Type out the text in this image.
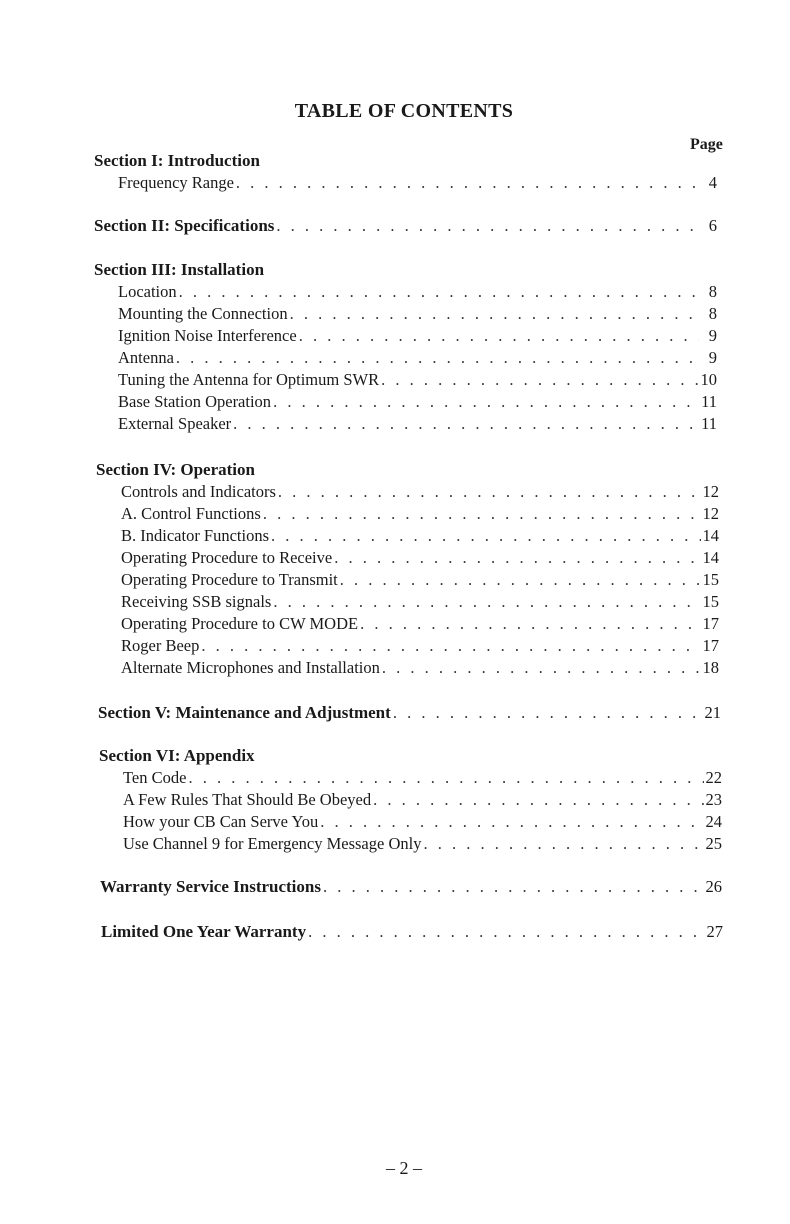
TABLE OF CONTENTS
Page
Section I: Introduction
Frequency Range . . .	4
Section II: Specifications . . .	6
Section III: Installation
Location . . .	8
Mounting the Connection . . .	8
Ignition Noise Interference . . .	9
Antenna . . .	9
Tuning the Antenna for Optimum SWR . . .	10
Base Station Operation . . .	11
External Speaker . . .	11
Section IV: Operation
Controls and Indicators . . .	12
A. Control Functions . . .	12
B. Indicator Functions . . .	14
Operating Procedure to Receive . . .	14
Operating Procedure to Transmit . . .	15
Receiving SSB signals . . .	15
Operating Procedure to CW MODE . . .	17
Roger Beep . . .	17
Alternate Microphones and Installation . . .	18
Section V: Maintenance and Adjustment . . .	21
Section VI: Appendix
Ten Code . . .	22
A Few Rules That Should Be Obeyed . . .	23
How your CB Can Serve You . . .	24
Use Channel 9 for Emergency Message Only . . .	25
Warranty Service Instructions . . .	26
Limited One Year Warranty . . .	27
– 2 –
